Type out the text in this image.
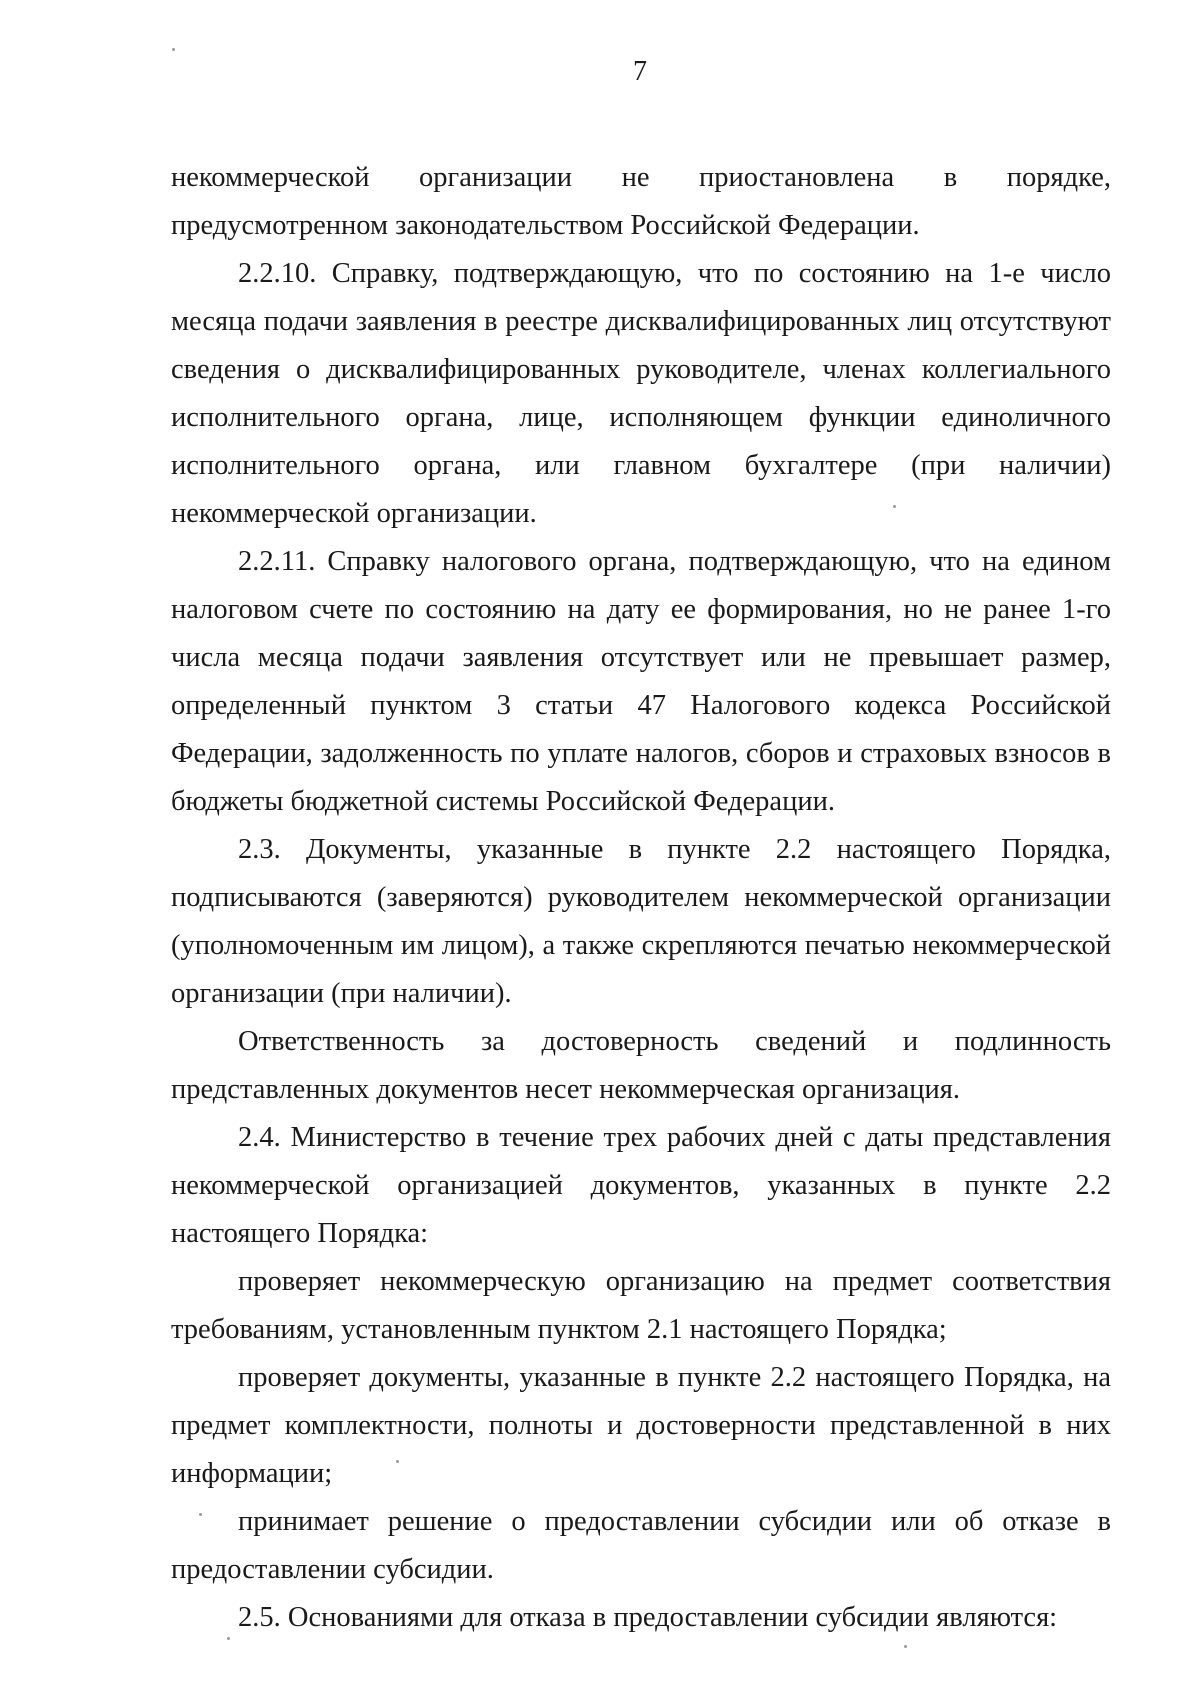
7

некоммерческой организации не приостановлена в порядке, предусмотренном законодательством Российской Федерации.

2.2.10. Справку, подтверждающую, что по состоянию на 1-е число месяца подачи заявления в реестре дисквалифицированных лиц отсутствуют сведения о дисквалифицированных руководителе, членах коллегиального исполнительного органа, лице, исполняющем функции единоличного исполнительного органа, или главном бухгалтере (при наличии) некоммерческой организации.

2.2.11. Справку налогового органа, подтверждающую, что на едином налоговом счете по состоянию на дату ее формирования, но не ранее 1-го числа месяца подачи заявления отсутствует или не превышает размер, определенный пунктом 3 статьи 47 Налогового кодекса Российской Федерации, задолженность по уплате налогов, сборов и страховых взносов в бюджеты бюджетной системы Российской Федерации.

2.3. Документы, указанные в пункте 2.2 настоящего Порядка, подписываются (заверяются) руководителем некоммерческой организации (уполномоченным им лицом), а также скрепляются печатью некоммерческой организации (при наличии).

Ответственность за достоверность сведений и подлинность представленных документов несет некоммерческая организация.

2.4. Министерство в течение трех рабочих дней с даты представления некоммерческой организацией документов, указанных в пункте 2.2 настоящего Порядка:

проверяет некоммерческую организацию на предмет соответствия требованиям, установленным пунктом 2.1 настоящего Порядка;

проверяет документы, указанные в пункте 2.2 настоящего Порядка, на предмет комплектности, полноты и достоверности представленной в них информации;

принимает решение о предоставлении субсидии или об отказе в предоставлении субсидии.

2.5. Основаниями для отказа в предоставлении субсидии являются:
